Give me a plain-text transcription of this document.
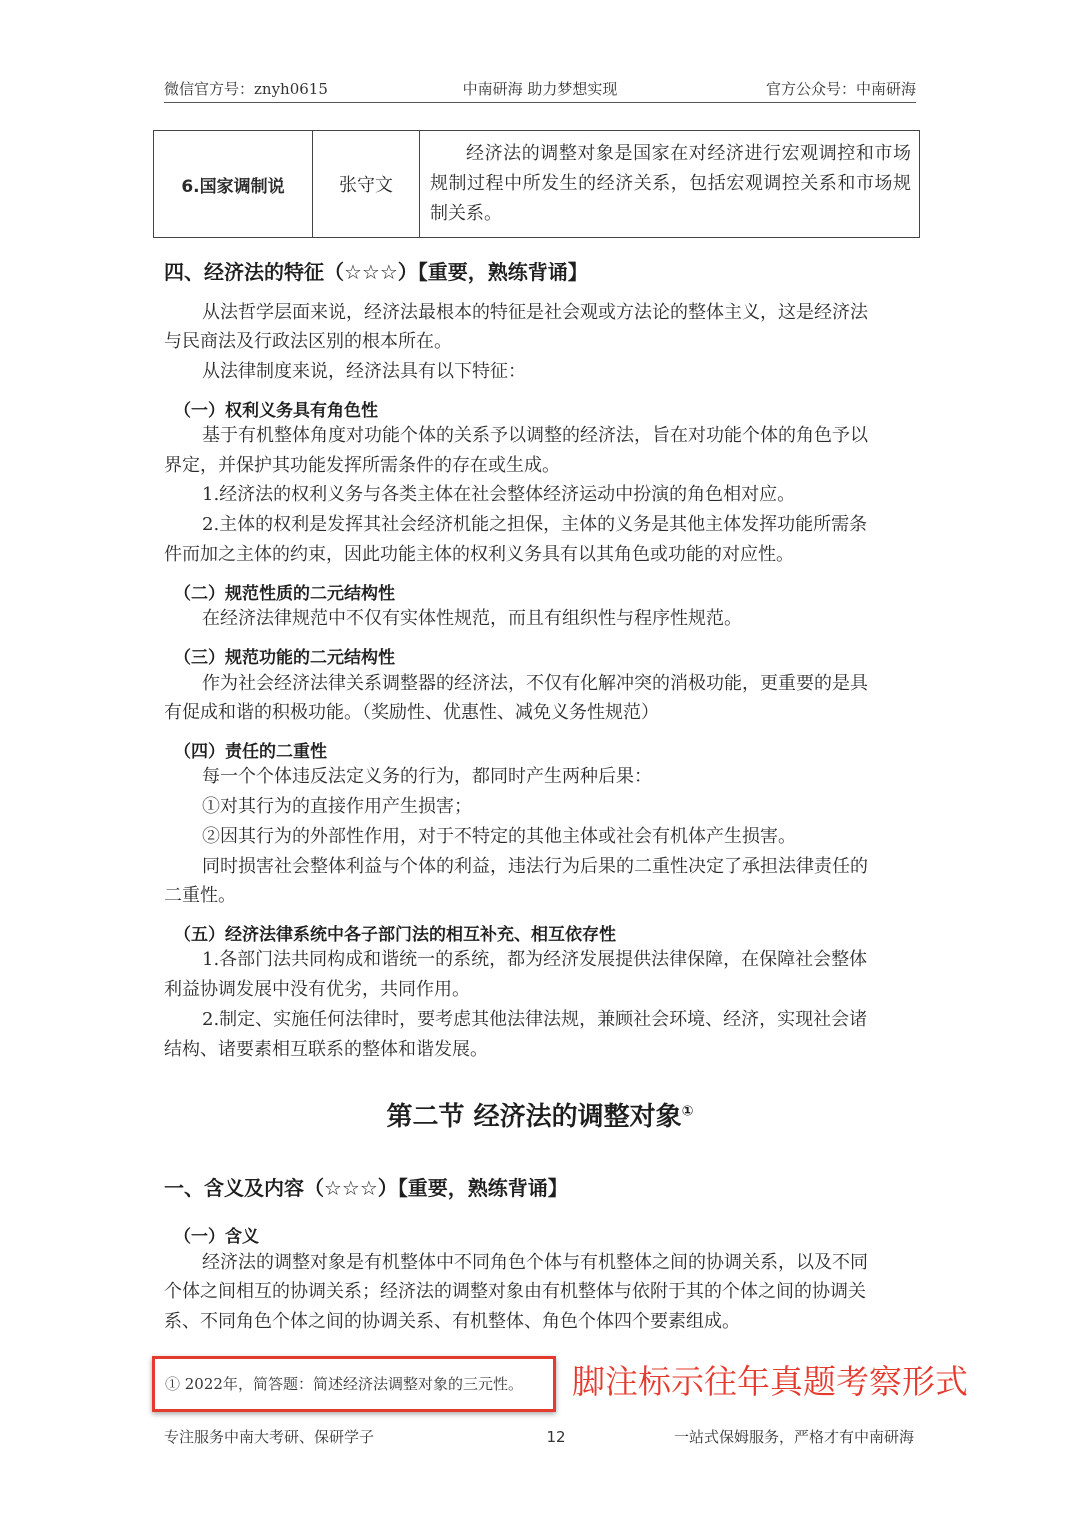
微信官方号：znyh0615	中南研海 助力梦想实现	官方公众号：中南研海
6.国家调制说	张守文	经济法的调整对象是国家在对经济进行宏观调控和市场规制过程中所发生的经济关系，包括宏观调控关系和市场规制关系。
四、经济法的特征（☆☆☆）【重要，熟练背诵】
从法哲学层面来说，经济法最根本的特征是社会观或方法论的整体主义，这是经济法
与民商法及行政法区别的根本所在。
从法律制度来说，经济法具有以下特征：
（一）权利义务具有角色性
基于有机整体角度对功能个体的关系予以调整的经济法，旨在对功能个体的角色予以
界定，并保护其功能发挥所需条件的存在或生成。
1.经济法的权利义务与各类主体在社会整体经济运动中扮演的角色相对应。
2.主体的权利是发挥其社会经济机能之担保，主体的义务是其他主体发挥功能所需条
件而加之主体的约束，因此功能主体的权利义务具有以其角色或功能的对应性。
（二）规范性质的二元结构性
在经济法律规范中不仅有实体性规范，而且有组织性与程序性规范。
（三）规范功能的二元结构性
作为社会经济法律关系调整器的经济法，不仅有化解冲突的消极功能，更重要的是具
有促成和谐的积极功能。（奖励性、优惠性、减免义务性规范）
（四）责任的二重性
每一个个体违反法定义务的行为，都同时产生两种后果：
①对其行为的直接作用产生损害；
②因其行为的外部性作用，对于不特定的其他主体或社会有机体产生损害。
同时损害社会整体利益与个体的利益，违法行为后果的二重性决定了承担法律责任的
二重性。
（五）经济法律系统中各子部门法的相互补充、相互依存性
1.各部门法共同构成和谐统一的系统，都为经济发展提供法律保障，在保障社会整体
利益协调发展中没有优劣，共同作用。
2.制定、实施任何法律时，要考虑其他法律法规，兼顾社会环境、经济，实现社会诸
结构、诸要素相互联系的整体和谐发展。
第二节 经济法的调整对象①
一、含义及内容（☆☆☆）【重要，熟练背诵】
（一）含义
经济法的调整对象是有机整体中不同角色个体与有机整体之间的协调关系，以及不同
个体之间相互的协调关系；经济法的调整对象由有机整体与依附于其的个体之间的协调关
系、不同角色个体之间的协调关系、有机整体、角色个体四个要素组成。
① 2022年，简答题：简述经济法调整对象的三元性。 脚注标示往年真题考察形式
专注服务中南大考研、保研学子	12	一站式保姆服务，严格才有中南研海
